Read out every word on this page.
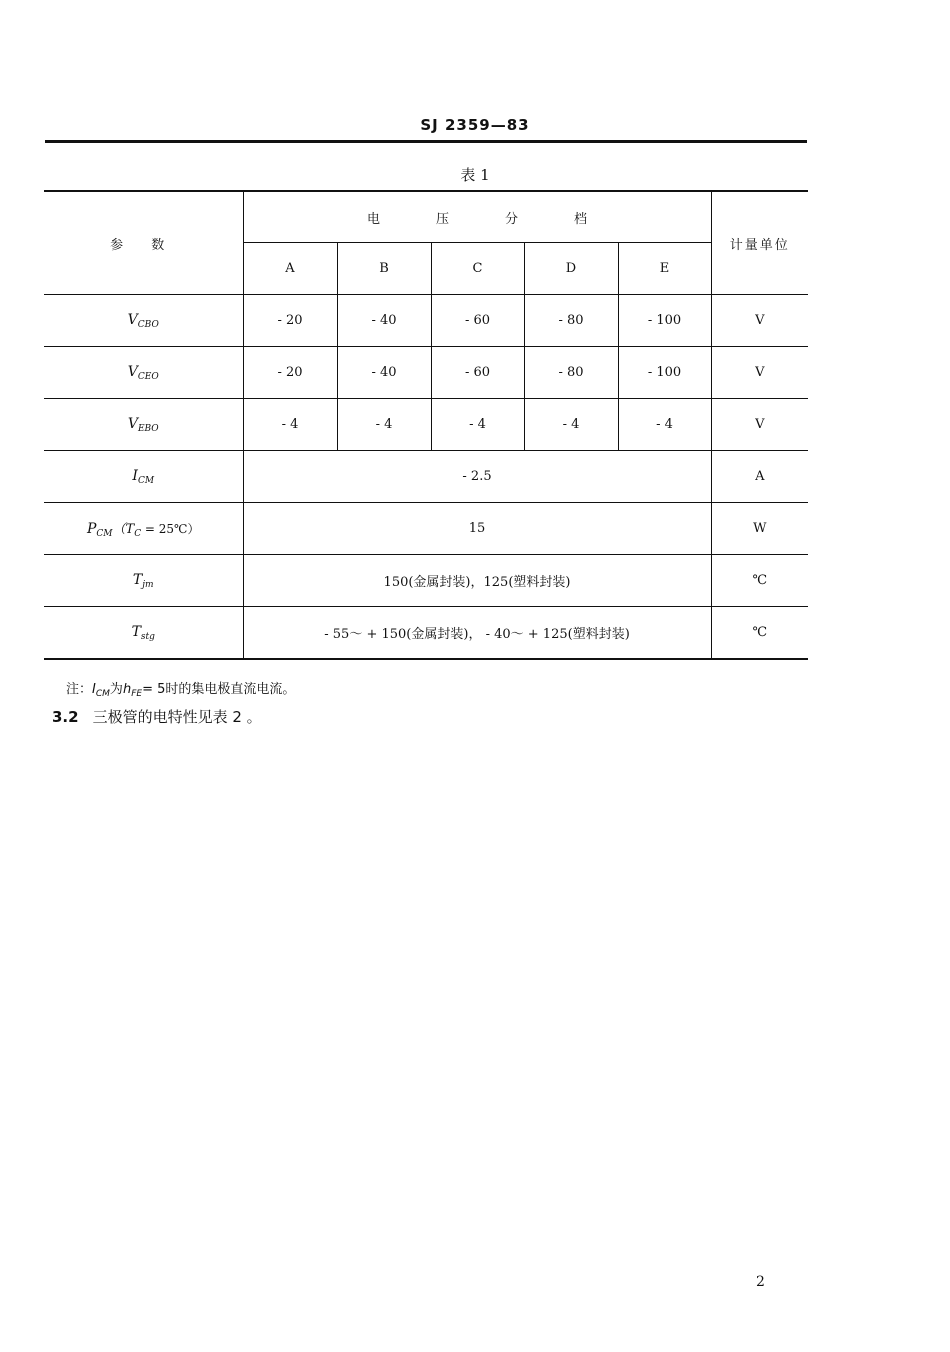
SJ 2359—83
表 1
参 数	电 压 分 档					计量单位
	A	B	C	D	E	
$V_{CBO}$	- 20	- 40	- 60	- 80	- 100	V
$V_{CEO}$	- 20	- 40	- 60	- 80	- 100	V
$V_{EBO}$	- 4	- 4	- 4	- 4	- 4	V
$I_{CM}$	- 2.5					A
$P_{CM}(T_C$ = 25℃）	15					W
$T_{jm}$	150(金属封装)，125(塑料封装)					℃
$T_{stg}$	- 55～ + 150(金属封装)， - 40～ + 125(塑料封装)					℃
注：$I_{CM}$为$h_{FE}= 5$时的集电极直流电流。
3.2 三极管的电特性见表 2 。
2
